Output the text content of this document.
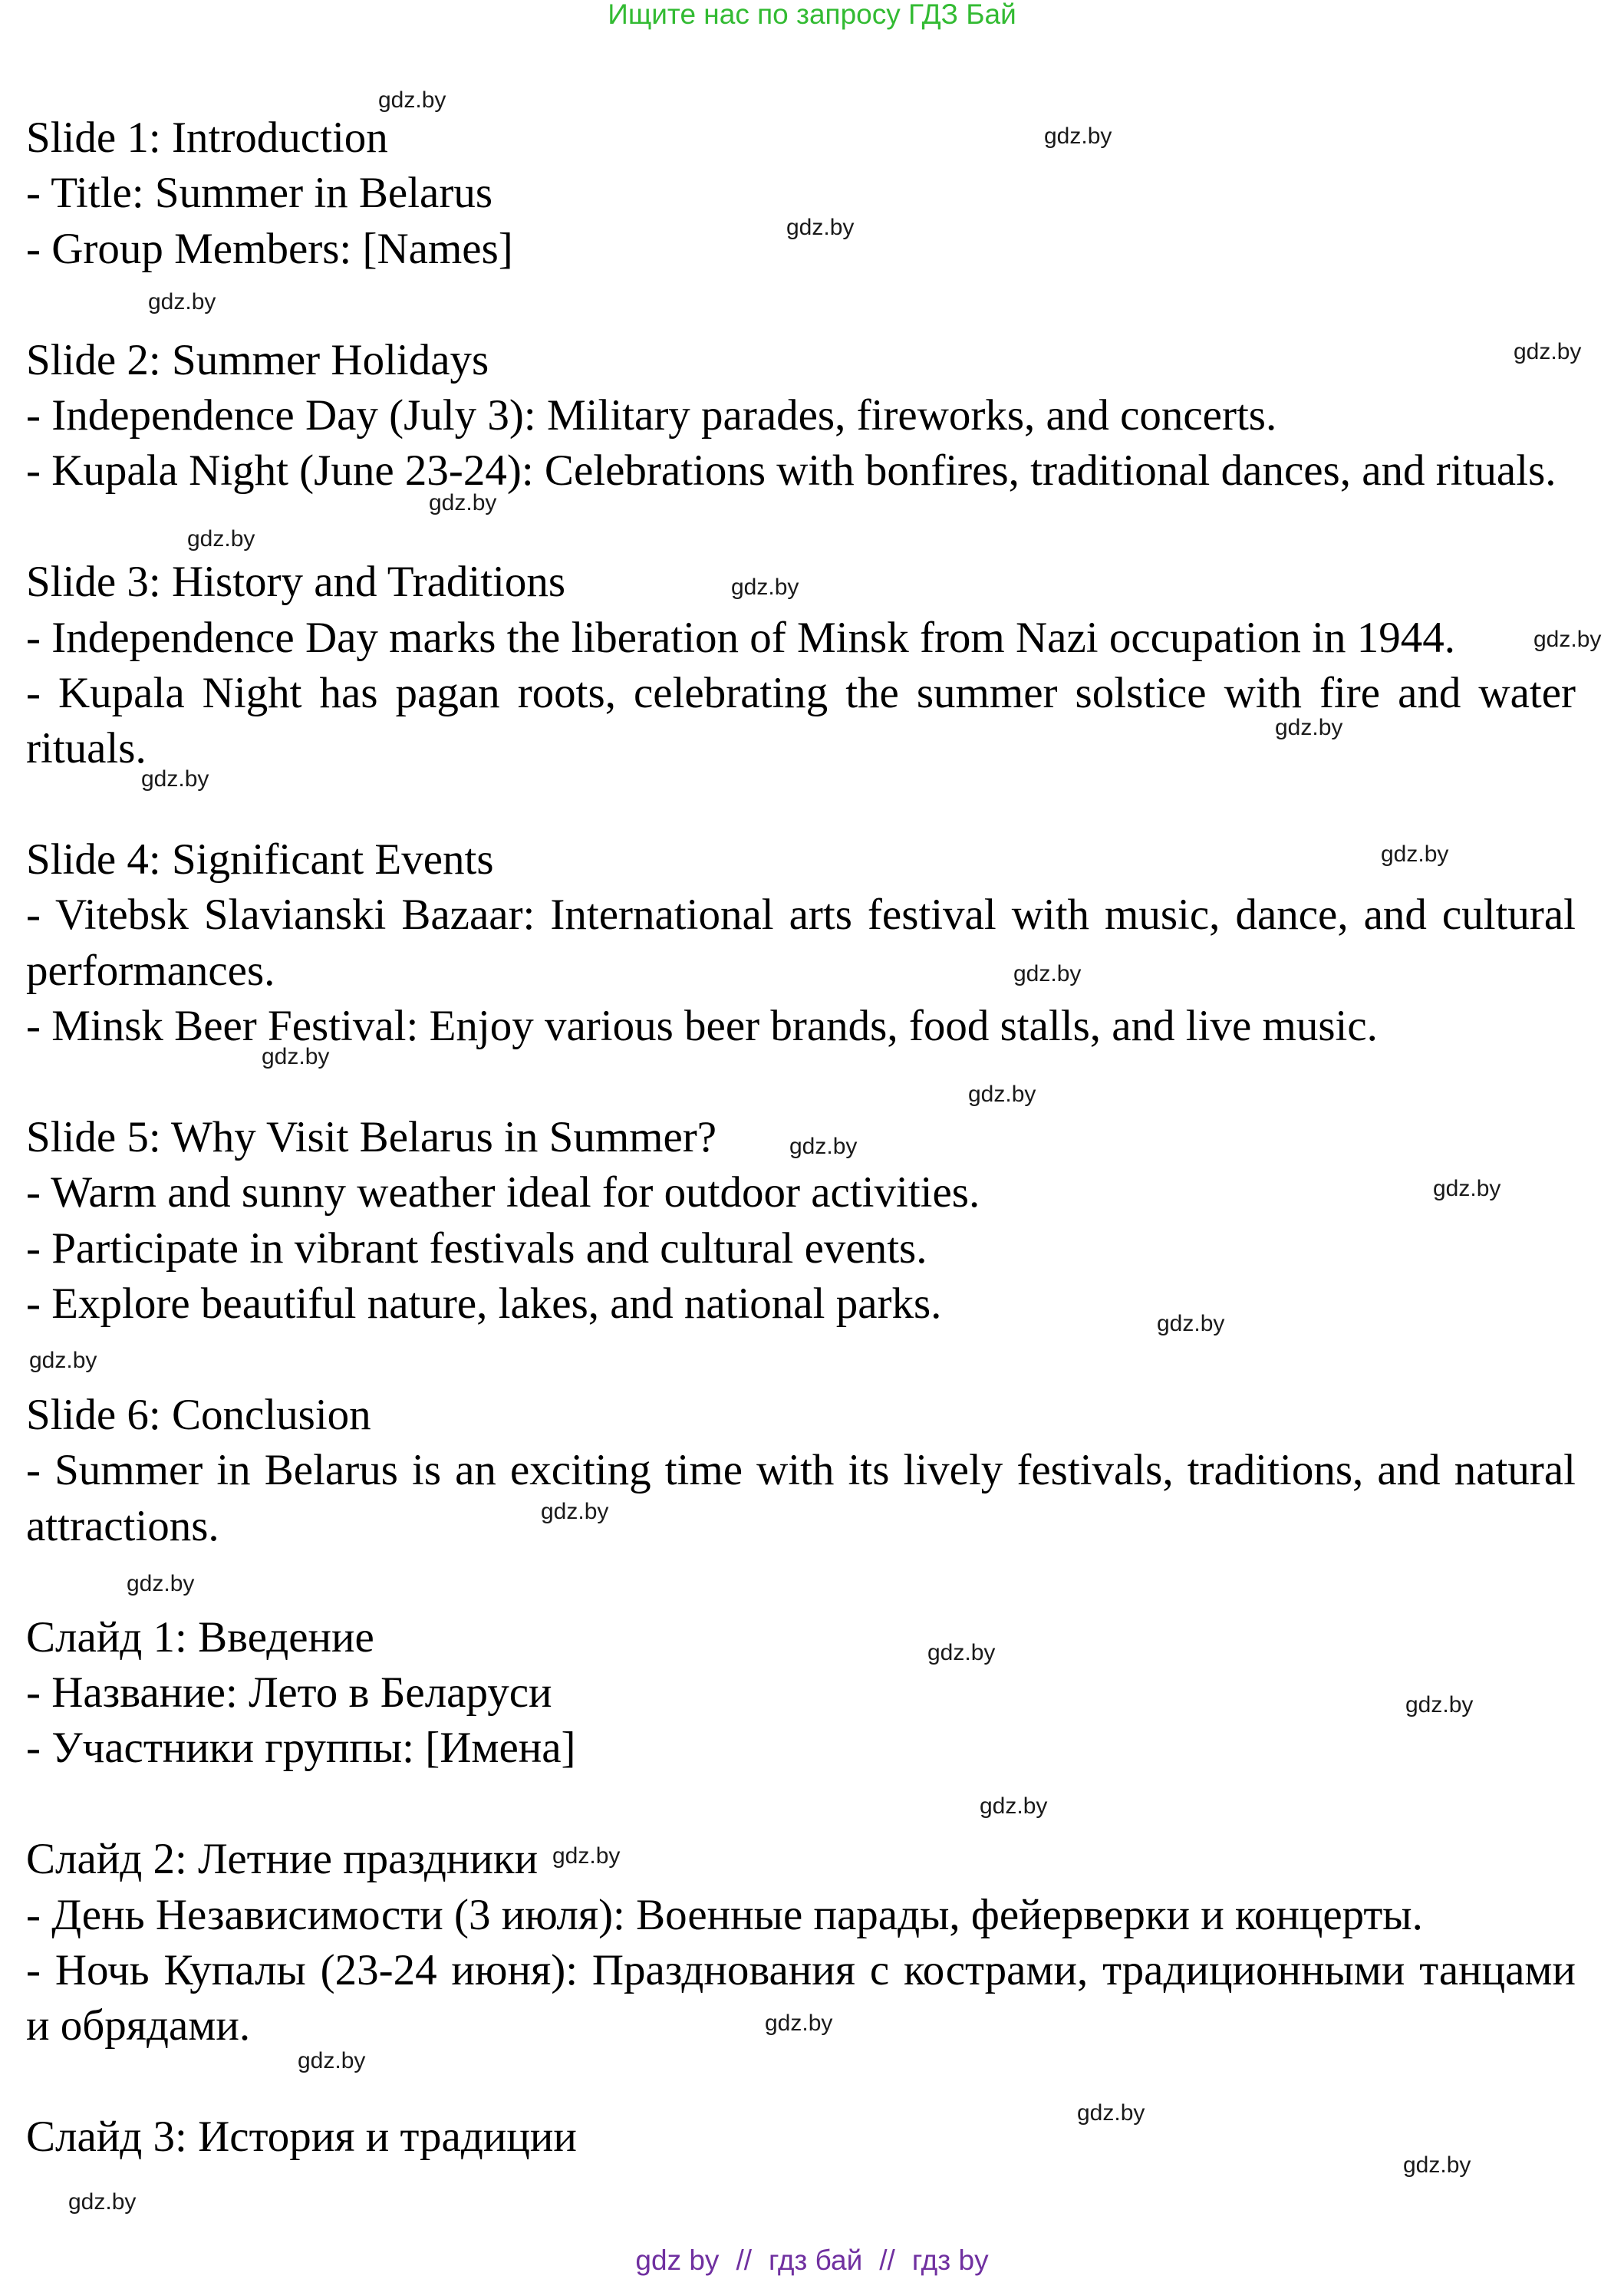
Ищите нас по запросу ГДЗ Бай
Slide 1: Introduction
- Title: Summer in Belarus
- Group Members: [Names]
Slide 2: Summer Holidays
- Independence Day (July 3): Military parades, fireworks, and concerts.
- Kupala Night (June 23-24): Celebrations with bonfires, traditional dances, and rituals.
Slide 3: History and Traditions
- Independence Day marks the liberation of Minsk from Nazi occupation in 1944.
- Kupala Night has pagan roots, celebrating the summer solstice with fire and water
rituals.
Slide 4: Significant Events
- Vitebsk Slavianski Bazaar: International arts festival with music, dance, and cultural
performances.
- Minsk Beer Festival: Enjoy various beer brands, food stalls, and live music.
Slide 5: Why Visit Belarus in Summer?
- Warm and sunny weather ideal for outdoor activities.
- Participate in vibrant festivals and cultural events.
- Explore beautiful nature, lakes, and national parks.
Slide 6: Conclusion
- Summer in Belarus is an exciting time with its lively festivals, traditions, and natural
attractions.
Слайд 1: Введение
- Название: Лето в Беларуси
- Участники группы: [Имена]
Слайд 2: Летние праздники
- День Независимости (3 июля): Военные парады, фейерверки и концерты.
- Ночь Купалы (23-24 июня): Празднования с кострами, традиционными танцами
и обрядами.
Слайд 3: История и традиции
gdz.by
gdz.by
gdz.by
gdz.by
gdz.by
gdz.by
gdz.by
gdz.by
gdz.by
gdz.by
gdz.by
gdz.by
gdz.by
gdz.by
gdz.by
gdz.by
gdz.by
gdz.by
gdz.by
gdz.by
gdz.by
gdz.by
gdz.by
gdz.by
gdz.by
gdz.by
gdz.by
gdz.by
gdz.by
gdz.by
gdz by // гдз бай // гдз by
